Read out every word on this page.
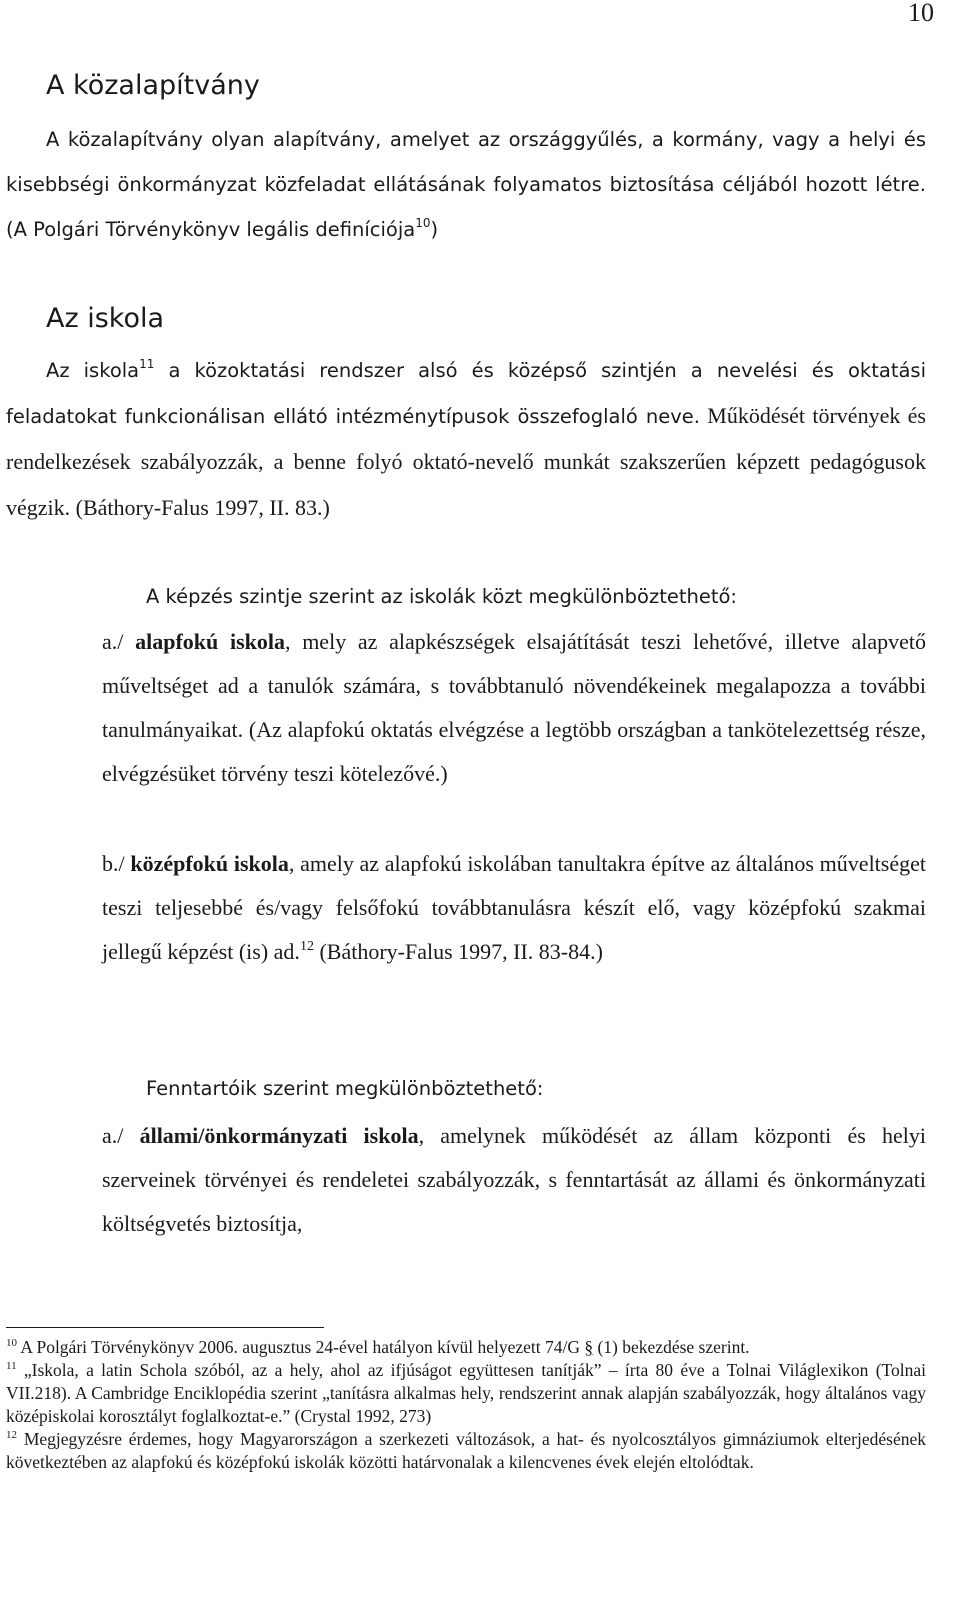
10
A közalapítvány

A közalapítvány olyan alapítvány, amelyet az országgyűlés, a kormány, vagy a helyi és kisebbségi önkormányzat közfeladat ellátásának folyamatos biztosítása céljából hozott létre. (A Polgári Törvénykönyv legális definíciója$^{10}$)

Az iskola

Az iskola$^{11}$ a közoktatási rendszer alsó és középső szintjén a nevelési és oktatási feladatokat funkcionálisan ellátó intézménytípusok összefoglaló neve. Működését törvények és rendelkezések szabályozzák, a benne folyó oktató-nevelő munkát szakszerűen képzett pedagógusok végzik. (Báthory-Falus 1997, II. 83.)

A képzés szintje szerint az iskolák közt megkülönböztethető:

a./ alapfokú iskola, mely az alapkészségek elsajátítását teszi lehetővé, illetve alapvető műveltséget ad a tanulók számára, s továbbtanuló növendékeinek megalapozza a további tanulmányaikat. (Az alapfokú oktatás elvégzése a legtöbb országban a tankötelezettség része, elvégzésüket törvény teszi kötelezővé.)

b./ középfokú iskola, amely az alapfokú iskolában tanultakra építve az általános műveltséget teszi teljesebbé és/vagy felsőfokú továbbtanulásra készít elő, vagy középfokú szakmai jellegű képzést (is) ad.$^{12}$ (Báthory-Falus 1997, II. 83-84.)

Fenntartóik szerint megkülönböztethető:

a./ állami/önkormányzati iskola, amelynek működését az állam központi és helyi szerveinek törvényei és rendeletei szabályozzák, s fenntartását az állami és önkormányzati költségvetés biztosítja,

$^{10}$ A Polgári Törvénykönyv 2006. augusztus 24-ével hatályon kívül helyezett 74/G § (1) bekezdése szerint.

$^{11}$ „Iskola, a latin Schola szóból, az a hely, ahol az ifjúságot együttesen tanítják” – írta 80 éve a Tolnai Világlexikon (Tolnai VII.218). A Cambridge Enciklopédia szerint „tanításra alkalmas hely, rendszerint annak alapján szabályozzák, hogy általános vagy középiskolai korosztályt foglalkoztat-e.” (Crystal 1992, 273)

$^{12}$ Megjegyzésre érdemes, hogy Magyarországon a szerkezeti változások, a hat- és nyolcosztályos gimnáziumok elterjedésének következtében az alapfokú és középfokú iskolák közötti határvonalak a kilencvenes évek elején eltolódtak.
